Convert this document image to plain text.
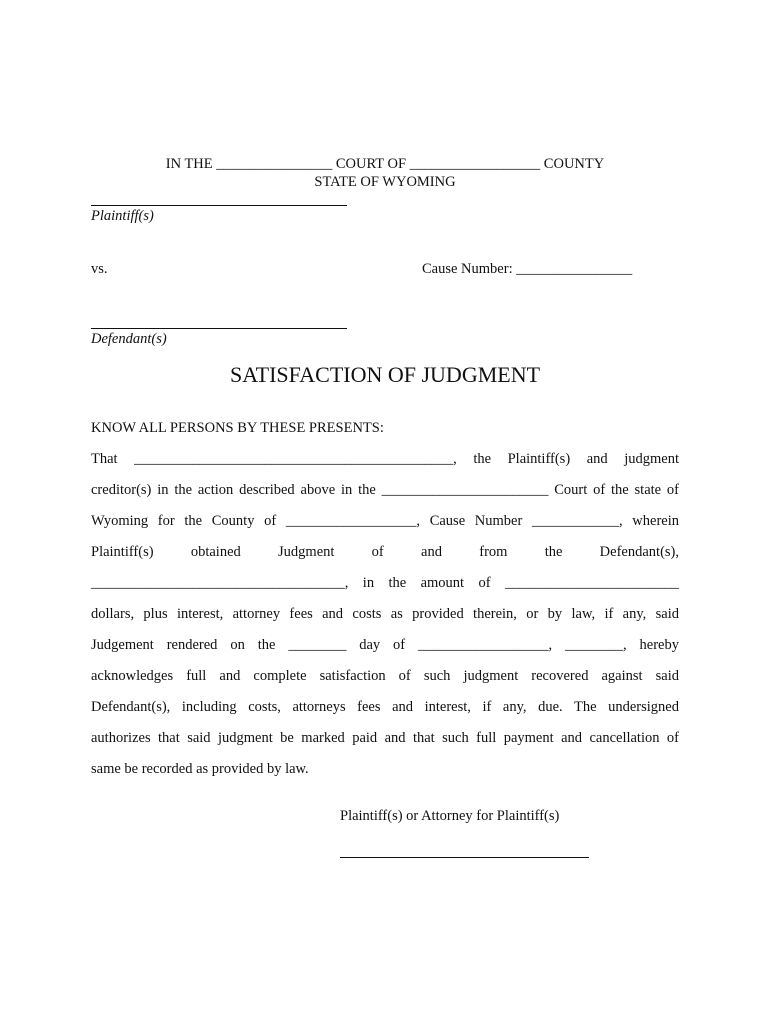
IN THE ________________ COURT OF __________________ COUNTY
STATE OF WYOMING
Plaintiff(s)
vs.	Cause Number: ________________
Defendant(s)
SATISFACTION OF JUDGMENT
KNOW ALL PERSONS BY THESE PRESENTS:
That ____________________________________________, the Plaintiff(s) and judgment
creditor(s) in the action described above in the _______________________ Court of the state of
Wyoming for the County of __________________, Cause Number ____________, wherein
Plaintiff(s) obtained Judgment of and from the Defendant(s),
___________________________________, in the amount of ________________________
dollars, plus interest, attorney fees and costs as provided therein, or by law, if any, said
Judgement rendered on the ________ day of __________________, ________, hereby
acknowledges full and complete satisfaction of such judgment recovered against said
Defendant(s), including costs, attorneys fees and interest, if any, due. The undersigned
authorizes that said judgment be marked paid and that such full payment and cancellation of
same be recorded as provided by law.
Plaintiff(s) or Attorney for Plaintiff(s)
